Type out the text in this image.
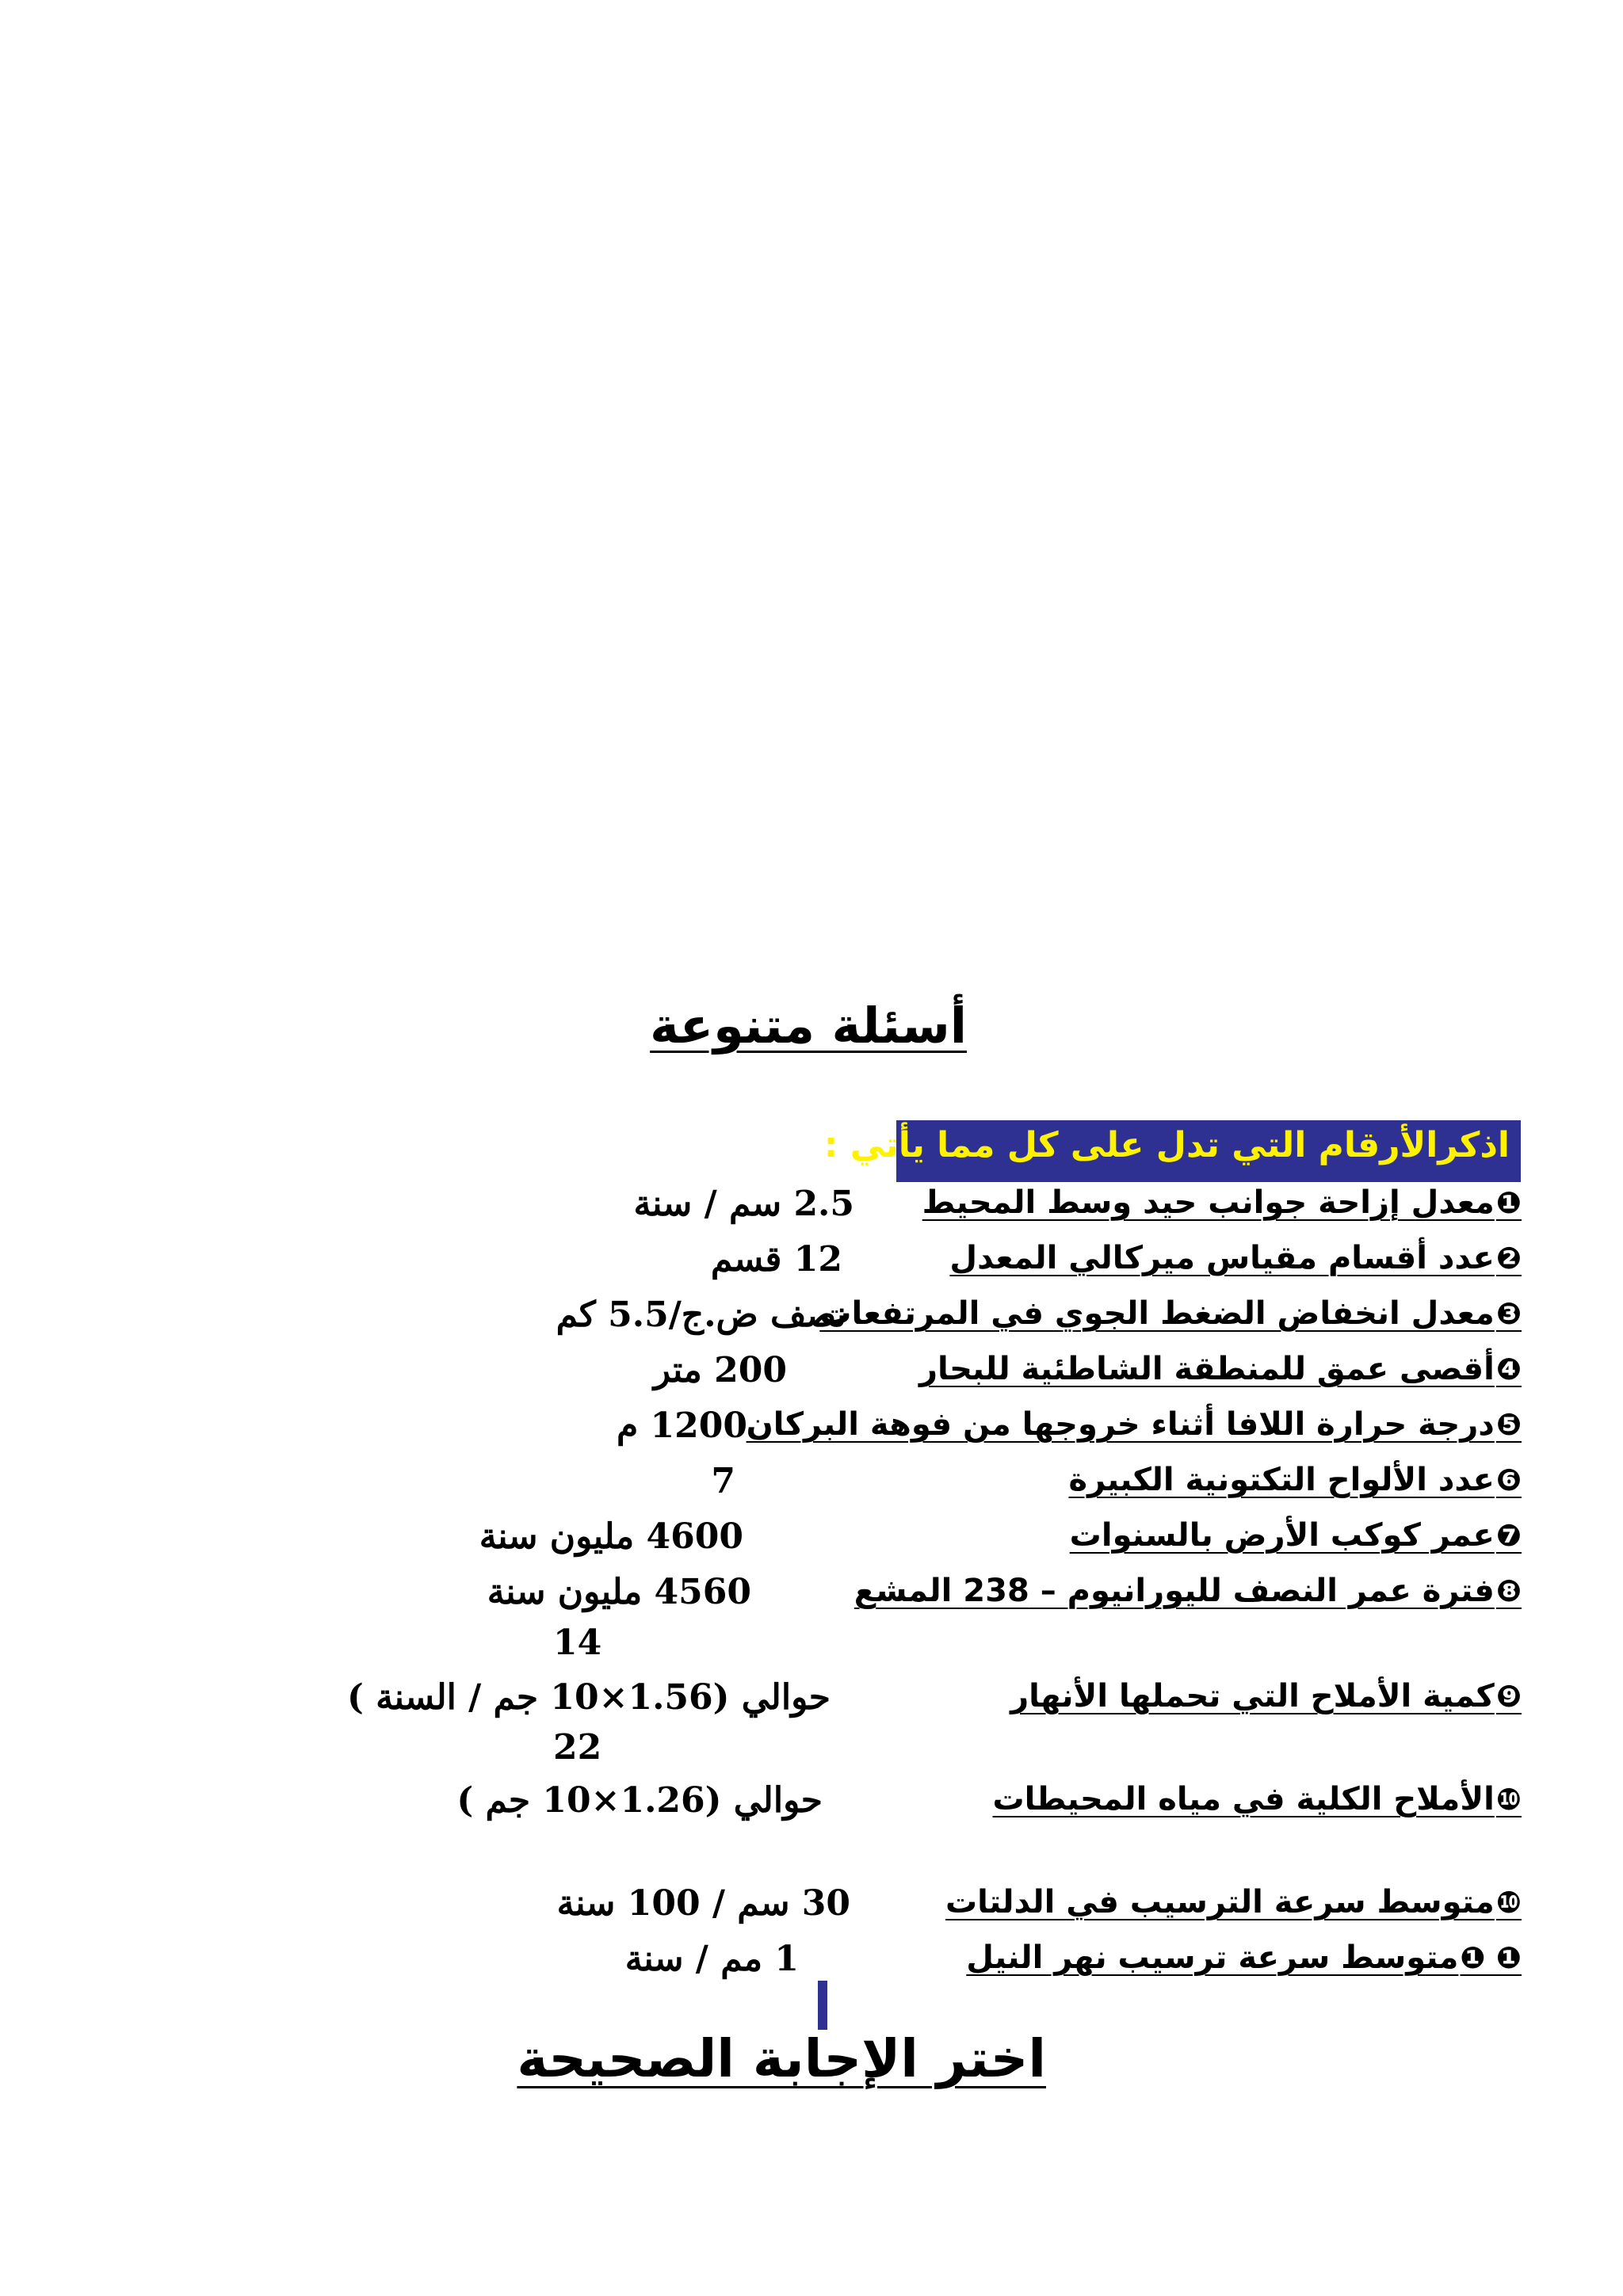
أسئلة متنوعة
اذكرالأرقام التي تدل على كل مما يأتي :
❶معدل إزاحة جوانب حيد وسط المحيط
2.5 سم / سنة
❷عدد أقسام مقياس ميركالي المعدل
12 قسم
❸معدل انخفاض الضغط الجوي في المرتفعات
نصف ض.ج/5.5 كم
❹أقصى عمق للمنطقة الشاطئية للبحار
200 متر
❺درجة حرارة اللافا أثناء خروجها من فوهة البركان
1200 م
❻عدد الألواح التكتونية الكبيرة
7
❼عمر كوكب الأرض بالسنوات
4600 مليون سنة
❽فترة عمر النصف لليورانيوم – 238 المشع
4560 مليون سنة
14
❾كمية الأملاح التي تحملها الأنهار
حوالي (1.56×10 جم / السنة )
22
❿الأملاح الكلية في مياه المحيطات
حوالي (1.26×10 جم )
❿متوسط سرعة الترسيب في الدلتات
30 سم / 100 سنة
❶ ❶متوسط سرعة ترسيب نهر النيل
1 مم / سنة
اختر الإجابة الصحيحة
